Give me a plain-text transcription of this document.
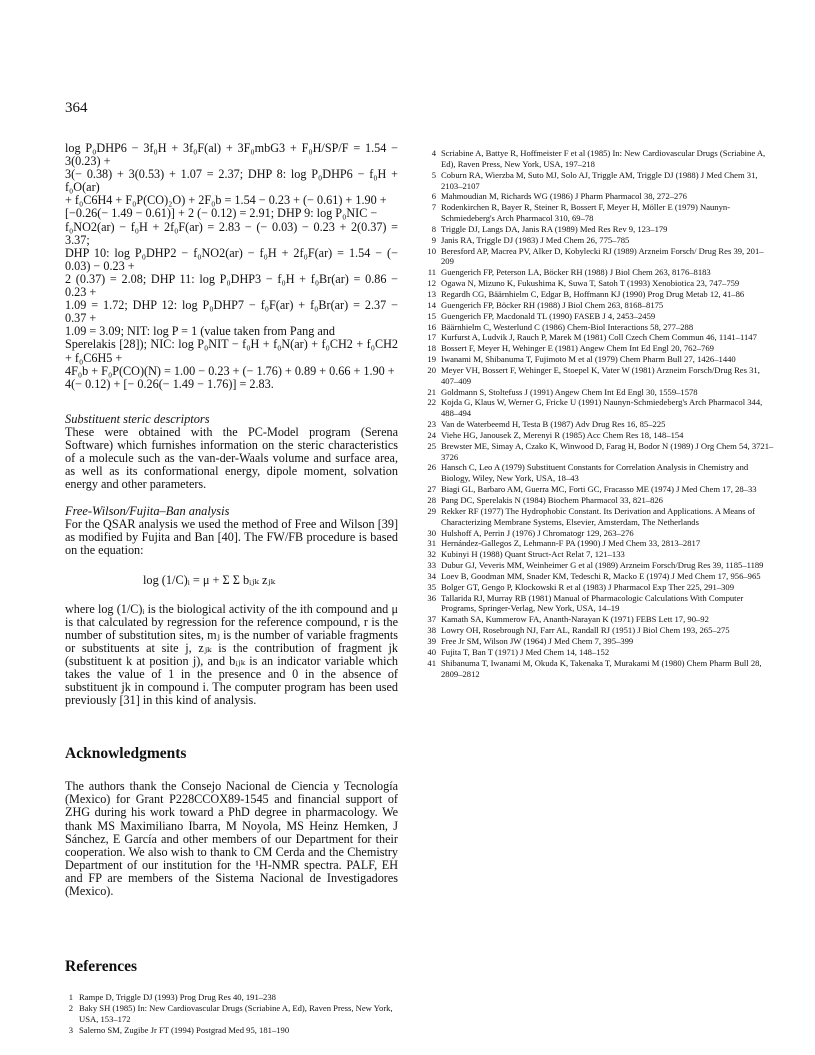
364
log P₀DHP6 − 3f₀H + 3f₀F(al) + 3F₀mbG3 + F₀H/SP/F = 1.54 − 3(0.23) +
3(− 0.38) + 3(0.53) + 1.07 = 2.37; DHP 8: log P₀DHP6 − f₀H + f₀O(ar)
+ f₀C6H4 + F₀P(CO)₂O) + 2F₀b = 1.54 − 0.23 + (− 0.61) + 1.90 +
[−0.26(− 1.49 − 0.61)] + 2 (− 0.12) = 2.91; DHP 9: log P₀NIC −
f₀NO2(ar) − f₀H + 2f₀F(ar) = 2.83 − (− 0.03) − 0.23 + 2(0.37) = 3.37;
DHP 10: log P₀DHP2 − f₀NO2(ar) − f₀H + 2f₀F(ar) = 1.54 − (− 0.03) − 0.23 +
2 (0.37) = 2.08; DHP 11: log P₀DHP3 − f₀H + f₀Br(ar) = 0.86 − 0.23 +
1.09 = 1.72; DHP 12: log P₀DHP7 − f₀F(ar) + f₀Br(ar) = 2.37 − 0.37 +
1.09 = 3.09; NIT: log P = 1 (value taken from Pang and
Sperelakis [28]); NIC: log P₀NIT − f₀H + f₀N(ar) + f₀CH2 + f₀CH2 + f₀C6H5 +
4F₀b + F₀P(CO)(N) = 1.00 − 0.23 + (− 1.76) + 0.89 + 0.66 + 1.90 +
4(− 0.12) + [− 0.26(− 1.49 − 1.76)] = 2.83.

Substituent steric descriptors

These were obtained with the PC-Model program (Serena Software) which furnishes information on the steric characteristics of a molecule such as the van-der-Waals volume and surface area, as well as its conformational energy, dipole moment, solvation energy and other parameters.

Free-Wilson/Fujita–Ban analysis

For the QSAR analysis we used the method of Free and Wilson [39] as modified by Fujita and Ban [40]. The FW/FB procedure is based on the equation:

log (1/C)ᵢ = μ + Σ Σ bᵢⱼₖ zⱼₖ

where log (1/C)ᵢ is the biological activity of the ith compound and μ is that calculated by regression for the reference compound, r is the number of substitution sites, mⱼ is the number of variable fragments or substituents at site j, zⱼₖ is the contribution of fragment jk (substituent k at position j), and bᵢⱼₖ is an indicator variable which takes the value of 1 in the presence and 0 in the absence of substituent jk in compound i. The computer program has been used previously [31] in this kind of analysis.

Acknowledgments

The authors thank the Consejo Nacional de Ciencia y Tecnología (Mexico) for Grant P228CCOX89-1545 and financial support of ZHG during his work toward a PhD degree in pharmacology. We thank MS Maximiliano Ibarra, M Noyola, MS Heinz Hemken, J Sánchez, E García and other members of our Department for their cooperation. We also wish to thank to CM Cerda and the Chemistry Department of our institution for the ¹H-NMR spectra. PALF, EH and FP are members of the Sistema Nacional de Investigadores (Mexico).

References

1 Rampe D, Triggle DJ (1993) Prog Drug Res 40, 191–238
2 Baky SH (1985) In: New Cardiovascular Drugs (Scriabine A, Ed), Raven Press, New York, USA, 153–172
3 Salerno SM, Zugibe Jr FT (1994) Postgrad Med 95, 181–190
4 Scriabine A, Battye R, Hoffmeister F et al (1985) In: New Cardiovascular Drugs (Scriabine A, Ed), Raven Press, New York, USA, 197–218
5 Coburn RA, Wierzba M, Suto MJ, Solo AJ, Triggle AM, Triggle DJ (1988) J Med Chem 31, 2103–2107
6 Mahmoudian M, Richards WG (1986) J Pharm Pharmacol 38, 272–276
7 Rodenkirchen R, Bayer R, Steiner R, Bossert F, Meyer H, Möller E (1979) Naunyn-Schmiedeberg's Arch Pharmacol 310, 69–78
8 Triggle DJ, Langs DA, Janis RA (1989) Med Res Rev 9, 123–179
9 Janis RA, Triggle DJ (1983) J Med Chem 26, 775–785
10 Beresford AP, Macrea PV, Alker D, Kobylecki RJ (1989) Arzneim Forsch/ Drug Res 39, 201–209
11 Guengerich FP, Peterson LA, Böcker RH (1988) J Biol Chem 263, 8176–8183
12 Ogawa N, Mizuno K, Fukushima K, Suwa T, Satoh T (1993) Xenobiotica 23, 747–759
13 Regardh CG, Bäärnhielm C, Edgar B, Hoffmann KJ (1990) Prog Drug Metab 12, 41–86
14 Guengerich FP, Böcker RH (1988) J Biol Chem 263, 8168–8175
15 Guengerich FP, Macdonald TL (1990) FASEB J 4, 2453–2459
16 Bäärnhielm C, Westerlund C (1986) Chem-Biol Interactions 58, 277–288
17 Kurfurst A, Ludvik J, Rauch P, Marek M (1981) Coll Czech Chem Commun 46, 1141–1147
18 Bossert F, Meyer H, Wehinger E (1981) Angew Chem Int Ed Engl 20, 762–769
19 Iwanami M, Shibanuma T, Fujimoto M et al (1979) Chem Pharm Bull 27, 1426–1440
20 Meyer VH, Bossert F, Wehinger E, Stoepel K, Vater W (1981) Arzneim Forsch/Drug Res 31, 407–409
21 Goldmann S, Stoltefuss J (1991) Angew Chem Int Ed Engl 30, 1559–1578
22 Kojda G, Klaus W, Werner G, Fricke U (1991) Naunyn-Schmiedeberg's Arch Pharmacol 344, 488–494
23 Van de Waterbeemd H, Testa B (1987) Adv Drug Res 16, 85–225
24 Viehe HG, Janousek Z, Merenyi R (1985) Acc Chem Res 18, 148–154
25 Brewster ME, Simay A, Czako K, Winwood D, Farag H, Bodor N (1989) J Org Chem 54, 3721–3726
26 Hansch C, Leo A (1979) Substituent Constants for Correlation Analysis in Chemistry and Biology, Wiley, New York, USA, 18–43
27 Biagi GL, Barbaro AM, Guerra MC, Forti GC, Fracasso ME (1974) J Med Chem 17, 28–33
28 Pang DC, Sperelakis N (1984) Biochem Pharmacol 33, 821–826
29 Rekker RF (1977) The Hydrophobic Constant. Its Derivation and Applications. A Means of Characterizing Membrane Systems, Elsevier, Amsterdam, The Netherlands
30 Hulshoff A, Perrin J (1976) J Chromatogr 129, 263–276
31 Hernández-Gallegos Z, Lehmann-F PA (1990) J Med Chem 33, 2813–2817
32 Kubinyi H (1988) Quant Struct-Act Relat 7, 121–133
33 Dubur GJ, Veveris MM, Weinheimer G et al (1989) Arzneim Forsch/Drug Res 39, 1185–1189
34 Loev B, Goodman MM, Snader KM, Tedeschi R, Macko E (1974) J Med Chem 17, 956–965
35 Bolger GT, Gengo P, Klockowski R et al (1983) J Pharmacol Exp Ther 225, 291–309
36 Tallarida RJ, Murray RB (1981) Manual of Pharmacologic Calculations With Computer Programs, Springer-Verlag, New York, USA, 14–19
37 Kamath SA, Kummerow FA, Ananth-Narayan K (1971) FEBS Lett 17, 90–92
38 Lowry OH, Rosebrough NJ, Farr AL, Randall RJ (1951) J Biol Chem 193, 265–275
39 Free Jr SM, Wilson JW (1964) J Med Chem 7, 395–399
40 Fujita T, Ban T (1971) J Med Chem 14, 148–152
41 Shibanuma T, Iwanami M, Okuda K, Takenaka T, Murakami M (1980) Chem Pharm Bull 28, 2809–2812
